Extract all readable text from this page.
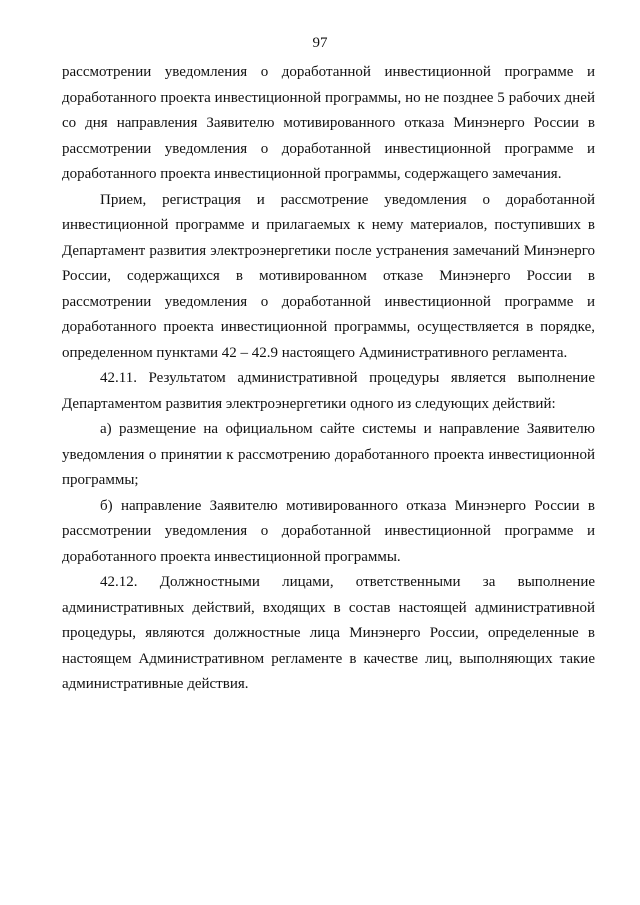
97

рассмотрении уведомления о доработанной инвестиционной программе и доработанного проекта инвестиционной программы, но не позднее 5 рабочих дней со дня направления Заявителю мотивированного отказа Минэнерго России в рассмотрении уведомления о доработанной инвестиционной программе и доработанного проекта инвестиционной программы, содержащего замечания.

Прием, регистрация и рассмотрение уведомления о доработанной инвестиционной программе и прилагаемых к нему материалов, поступивших в Департамент развития электроэнергетики после устранения замечаний Минэнерго России, содержащихся в мотивированном отказе Минэнерго России в рассмотрении уведомления о доработанной инвестиционной программе и доработанного проекта инвестиционной программы, осуществляется в порядке, определенном пунктами 42 – 42.9 настоящего Административного регламента.

42.11. Результатом административной процедуры является выполнение Департаментом развития электроэнергетики одного из следующих действий:

а) размещение на официальном сайте системы и направление Заявителю уведомления о принятии к рассмотрению доработанного проекта инвестиционной программы;

б) направление Заявителю мотивированного отказа Минэнерго России в рассмотрении уведомления о доработанной инвестиционной программе и доработанного проекта инвестиционной программы.

42.12. Должностными лицами, ответственными за выполнение административных действий, входящих в состав настоящей административной процедуры, являются должностные лица Минэнерго России, определенные в настоящем Административном регламенте в качестве лиц, выполняющих такие административные действия.
